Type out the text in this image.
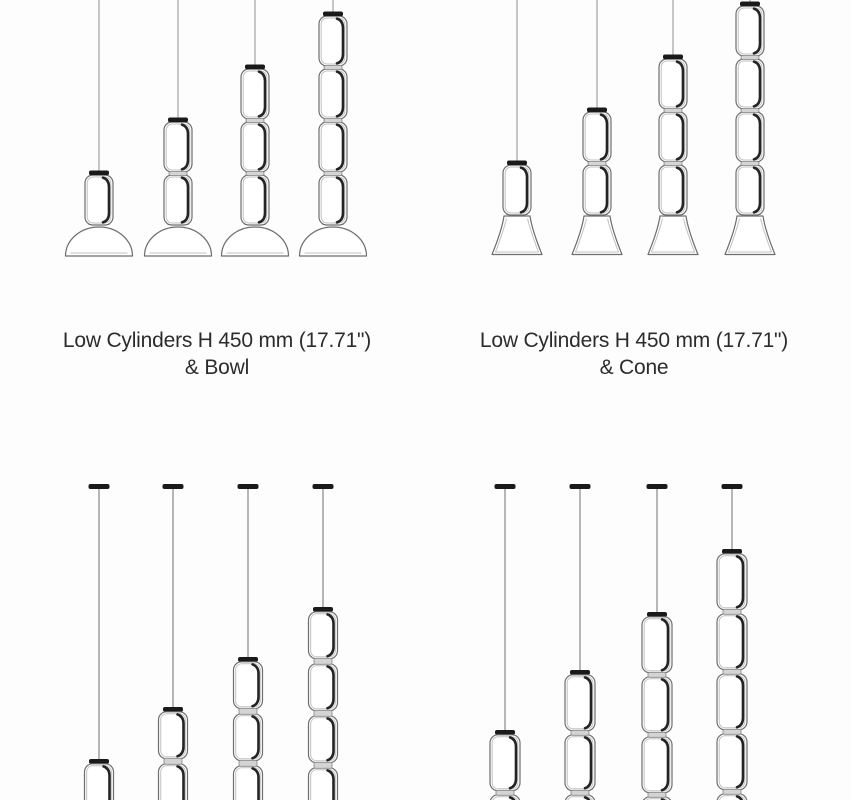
Low Cylinders H 450 mm (17.71")
& Bowl
Low Cylinders H 450 mm (17.71")
& Cone
